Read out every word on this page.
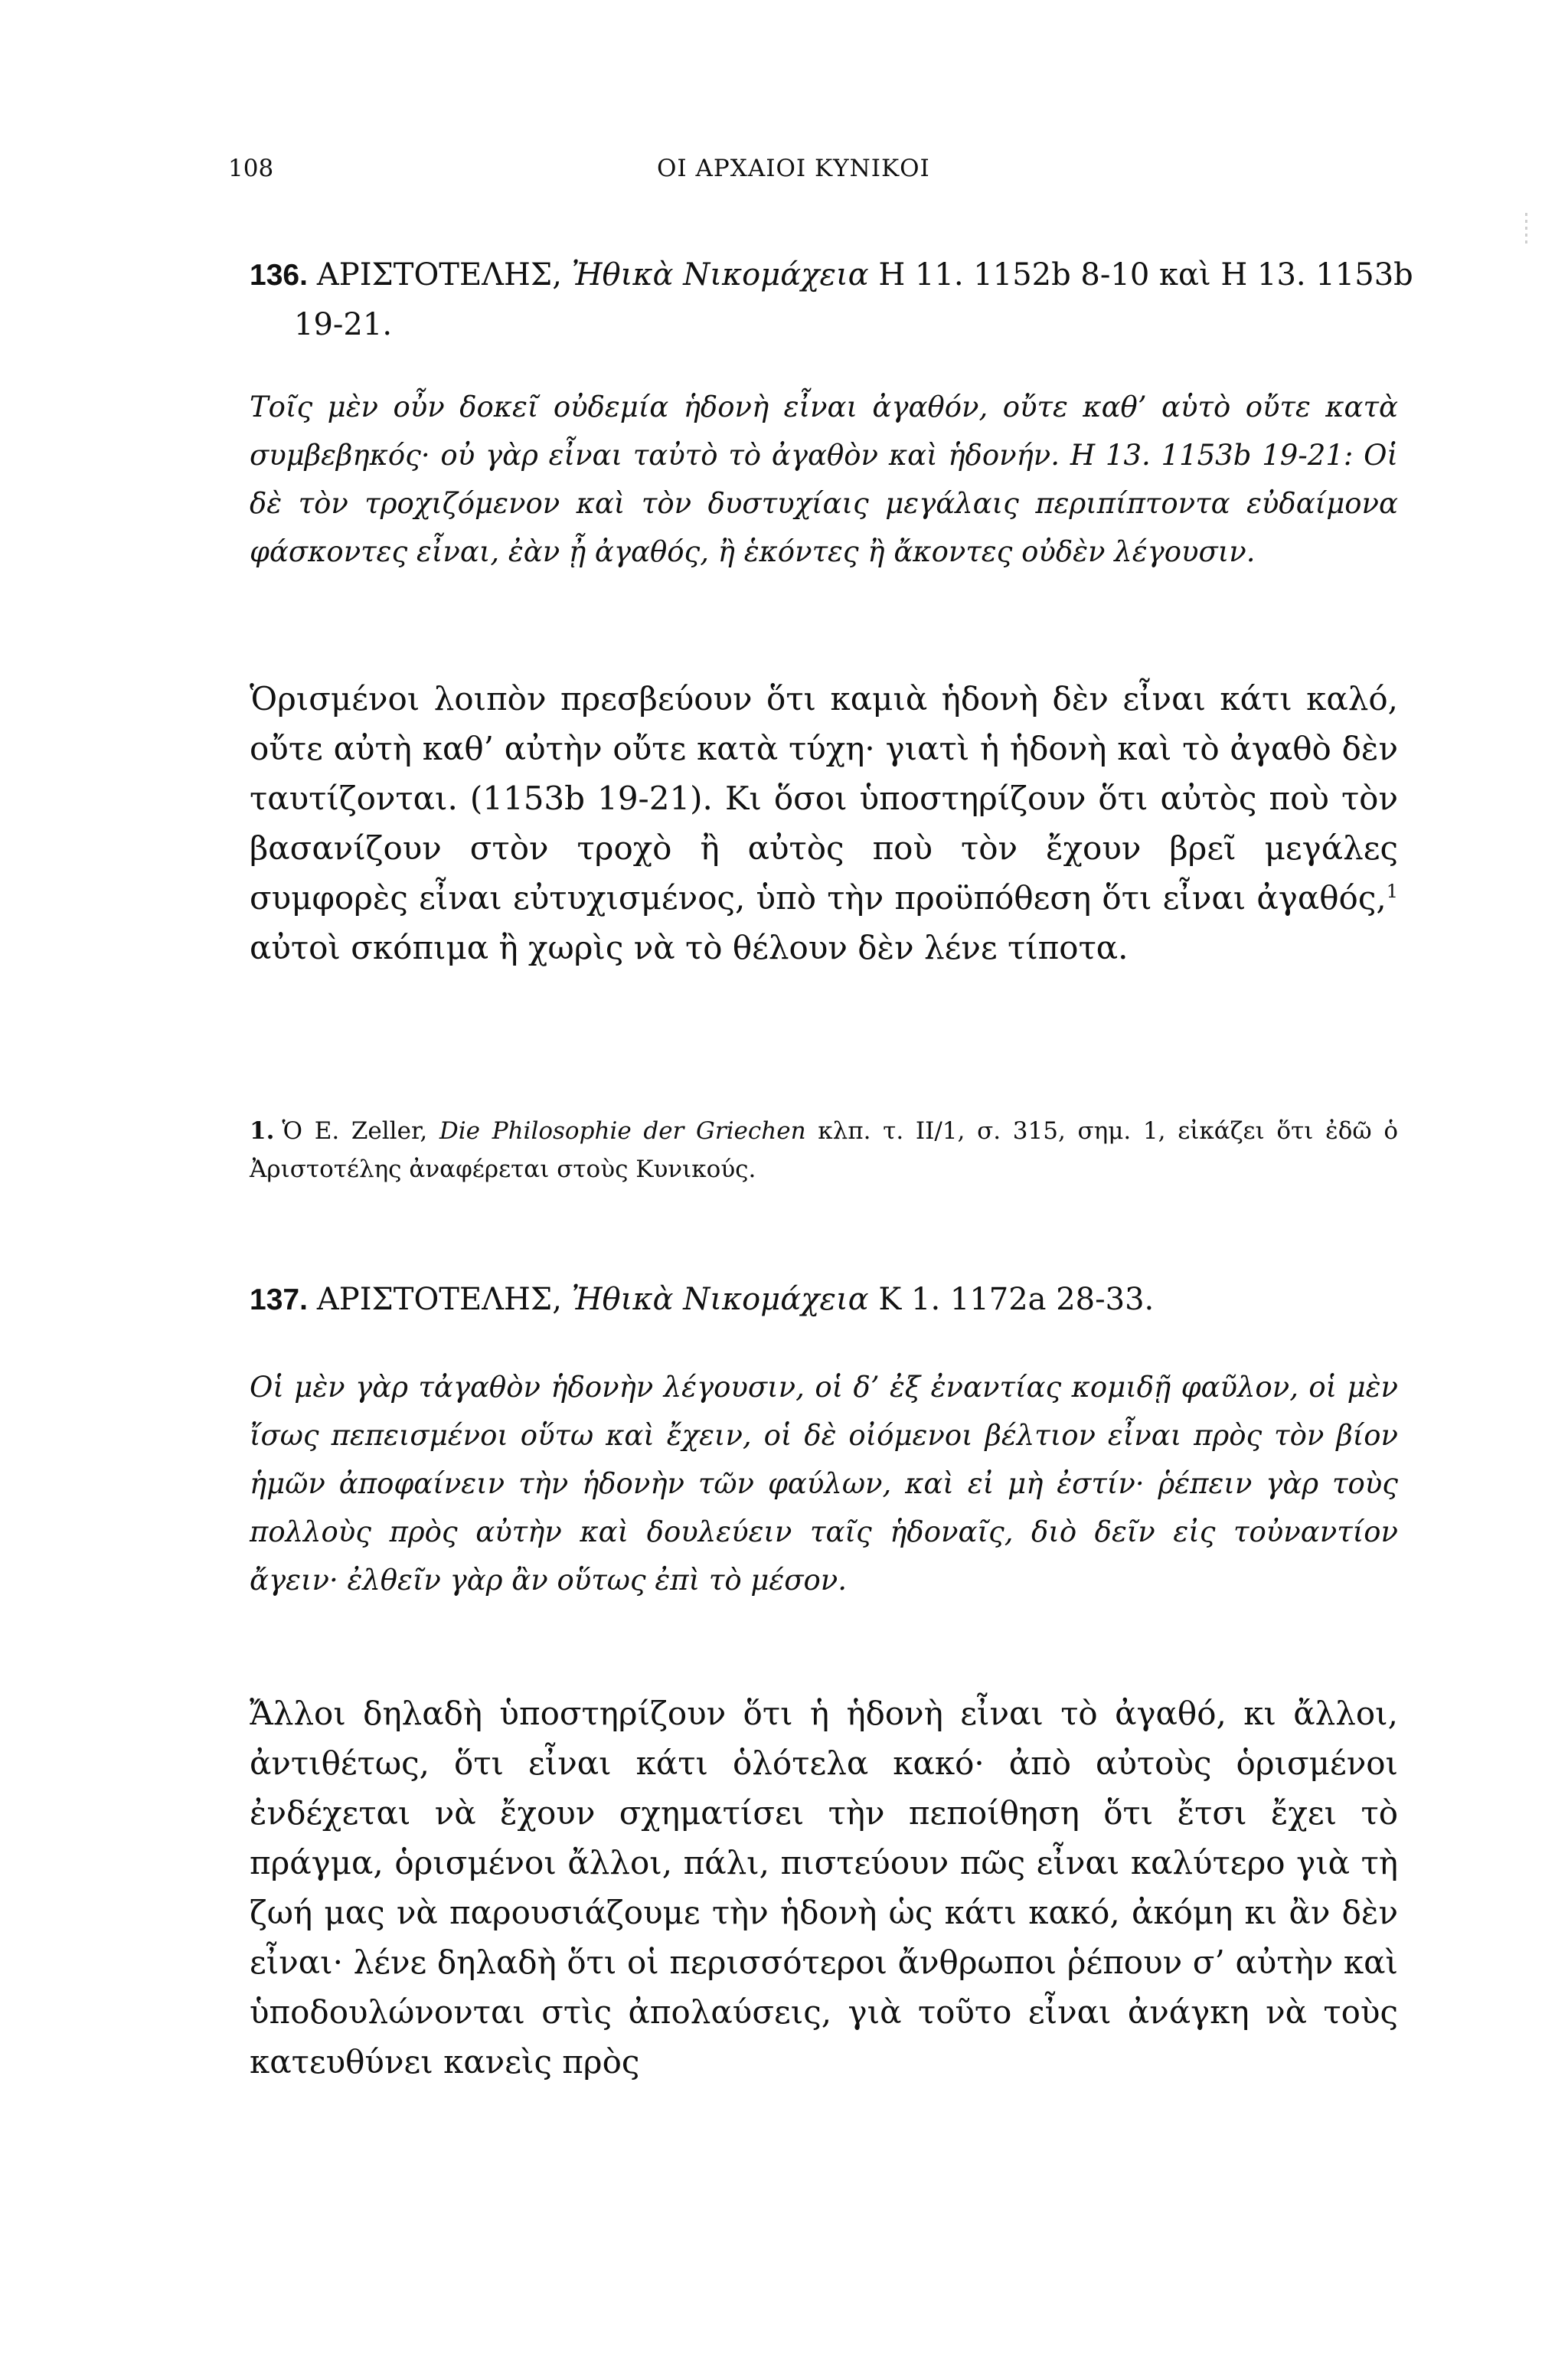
108	ΟΙ ΑΡΧΑΙΟΙ ΚΥΝΙΚΟΙ
136. ΑΡΙΣΤΟΤΕΛΗΣ, Ἠθικὰ Νικομάχεια Η 11. 1152b 8-10 καὶ Η 13. 1153b 19-21.
Τοῖς μὲν οὖν δοκεῖ οὐδεμία ἡδονὴ εἶναι ἀγαθόν, οὔτε καθ’ αὑτὸ οὔτε κατὰ συμβεβηκός· οὐ γὰρ εἶναι ταὐτὸ τὸ ἀγαθὸν καὶ ἡδονήν. Η 13. 1153b 19-21: Οἱ δὲ τὸν τροχιζόμενον καὶ τὸν δυστυχίαις μεγάλαις περιπίπτοντα εὐδαίμονα φάσκοντες εἶναι, ἐὰν ᾖ ἀγαθός, ἢ ἑκόντες ἢ ἄκοντες οὐδὲν λέγουσιν.
Ὁρισμένοι λοιπὸν πρεσβεύουν ὅτι καμιὰ ἡδονὴ δὲν εἶναι κάτι καλό, οὔτε αὐτὴ καθ’ αὐτὴν οὔτε κατὰ τύχη· γιατὶ ἡ ἡδονὴ καὶ τὸ ἀγαθὸ δὲν ταυτίζονται. (1153b 19-21). Κι ὅσοι ὑποστηρίζουν ὅτι αὐτὸς ποὺ τὸν βασανίζουν στὸν τροχὸ ἢ αὐτὸς ποὺ τὸν ἔχουν βρεῖ μεγάλες συμφορὲς εἶναι εὐτυχισμένος, ὑπὸ τὴν προϋπόθεση ὅτι εἶναι ἀγαθός,$^1$ αὐτοὶ σκόπιμα ἢ χωρὶς νὰ τὸ θέλουν δὲν λένε τίποτα.
1. Ὁ E. Zeller, Die Philosophie der Griechen κλπ. τ. II/1, σ. 315, σημ. 1, εἰκάζει ὅτι ἐδῶ ὁ Ἀριστοτέλης ἀναφέρεται στοὺς Κυνικούς.
137. ΑΡΙΣΤΟΤΕΛΗΣ, Ἠθικὰ Νικομάχεια Κ 1. 1172a 28-33.
Οἱ μὲν γὰρ τἀγαθὸν ἡδονὴν λέγουσιν, οἱ δ’ ἐξ ἐναντίας κομιδῇ φαῦλον, οἱ μὲν ἴσως πεπεισμένοι οὕτω καὶ ἔχειν, οἱ δὲ οἰόμενοι βέλτιον εἶναι πρὸς τὸν βίον ἡμῶν ἀποφαίνειν τὴν ἡδονὴν τῶν φαύλων, καὶ εἰ μὴ ἐστίν· ῥέπειν γὰρ τοὺς πολλοὺς πρὸς αὐτὴν καὶ δουλεύειν ταῖς ἡδοναῖς, διὸ δεῖν εἰς τοὐναντίον ἄγειν· ἐλθεῖν γὰρ ἂν οὕτως ἐπὶ τὸ μέσον.
Ἄλλοι δηλαδὴ ὑποστηρίζουν ὅτι ἡ ἡδονὴ εἶναι τὸ ἀγαθό, κι ἄλλοι, ἀντιθέτως, ὅτι εἶναι κάτι ὁλότελα κακό· ἀπὸ αὐτοὺς ὁρισμένοι ἐνδέχεται νὰ ἔχουν σχηματίσει τὴν πεποίθηση ὅτι ἔτσι ἔχει τὸ πράγμα, ὁρισμένοι ἄλλοι, πάλι, πιστεύουν πῶς εἶναι καλύτερο γιὰ τὴ ζωή μας νὰ παρουσιάζουμε τὴν ἡδονὴ ὡς κάτι κακό, ἀκόμη κι ἂν δὲν εἶναι· λένε δηλαδὴ ὅτι οἱ περισσότεροι ἄνθρωποι ῥέπουν σ’ αὐτὴν καὶ ὑποδουλώνονται στὶς ἀπολαύσεις, γιὰ τοῦτο εἶναι ἀνάγκη νὰ τοὺς κατευθύνει κανεὶς πρὸς
